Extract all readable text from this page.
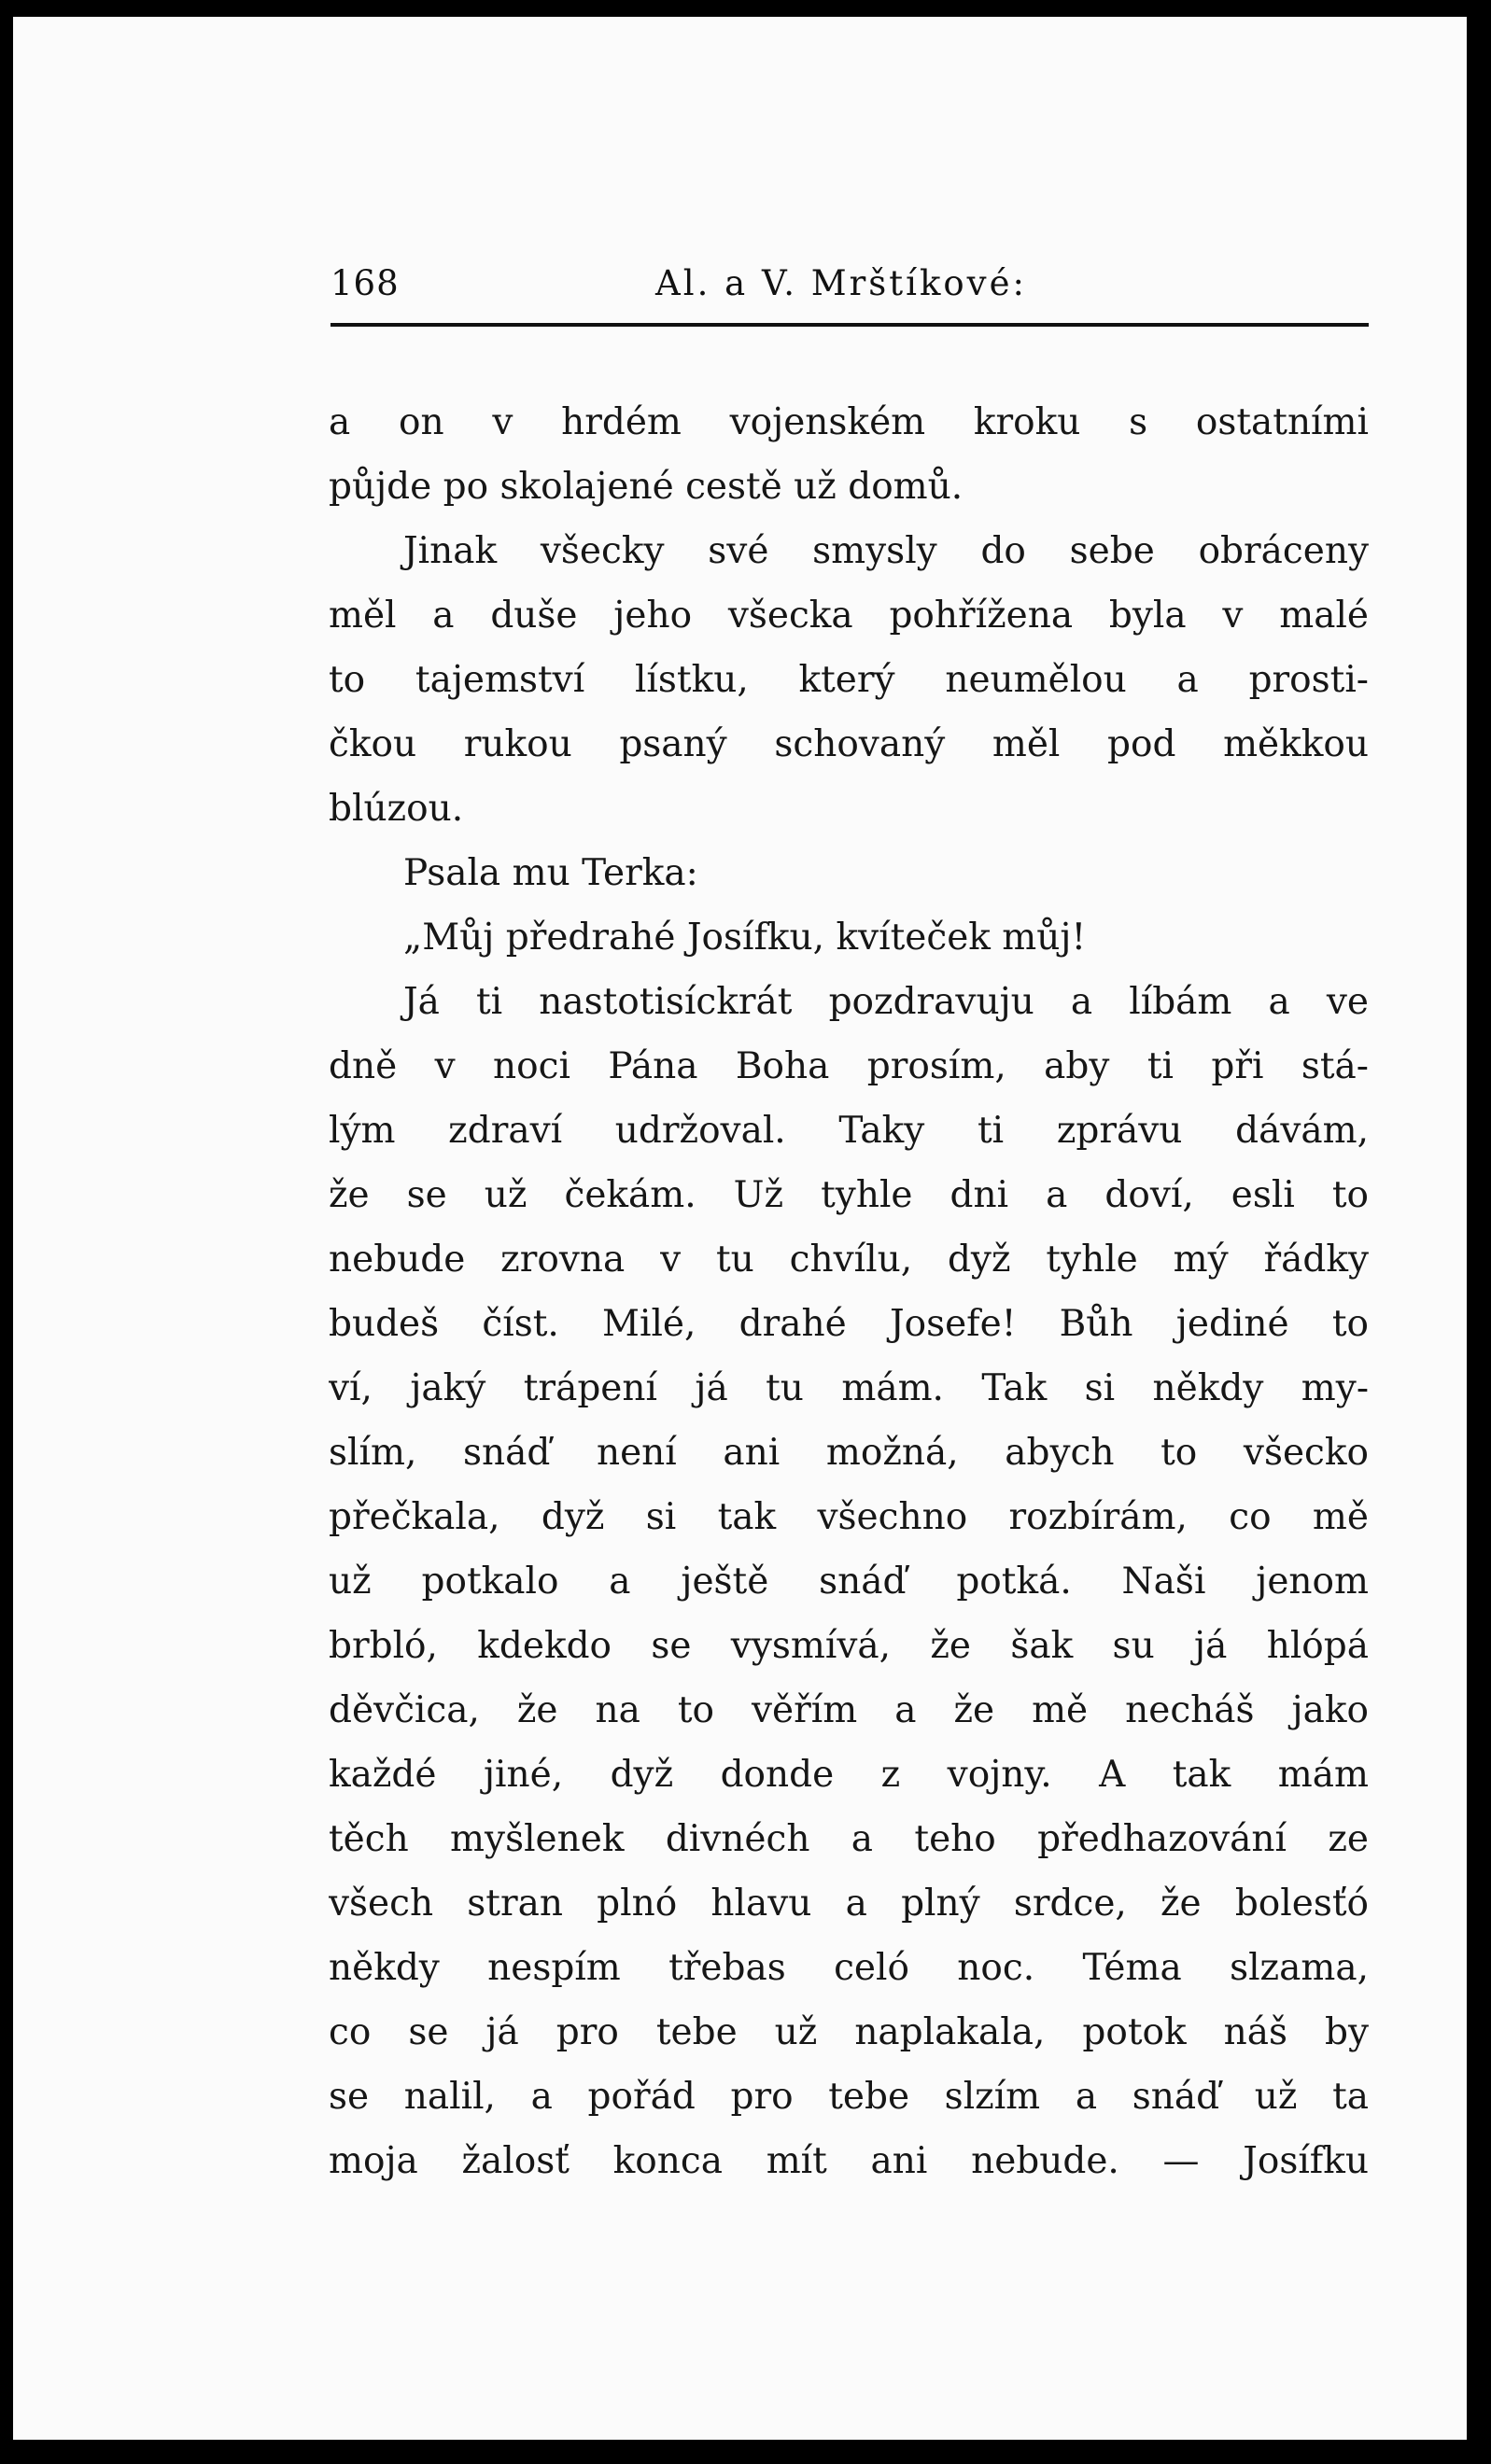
168	Al. a V. Mrštíkové:
a on v hrdém vojenském kroku s ostatními
půjde po skolajené cestě už domů.
Jinak všecky své smysly do sebe obráceny
měl a duše jeho všecka pohřížena byla v malé
to tajemství lístku, který neumělou a prosti-
čkou rukou psaný schovaný měl pod měkkou
blúzou.
Psala mu Terka:
„Můj předrahé Josífku, kvíteček můj!
Já ti nastotisíckrát pozdravuju a líbám a ve
dně v noci Pána Boha prosím, aby ti při stá-
lým zdraví udržoval. Taky ti zprávu dávám,
že se už čekám. Už tyhle dni a doví, esli to
nebude zrovna v tu chvílu, dyž tyhle mý řádky
budeš číst. Milé, drahé Josefe! Bůh jediné to
ví, jaký trápení já tu mám. Tak si někdy my-
slím, snáď není ani možná, abych to všecko
přečkala, dyž si tak všechno rozbírám, co mě
už potkalo a ještě snáď potká. Naši jenom
brbló, kdekdo se vysmívá, že šak su já hlópá
děvčica, že na to věřím a že mě necháš jako
každé jiné, dyž donde z vojny. A tak mám
těch myšlenek divnéch a teho předhazování ze
všech stran plnó hlavu a plný srdce, že bolesťó
někdy nespím třebas celó noc. Téma slzama,
co se já pro tebe už naplakala, potok náš by
se nalil, a pořád pro tebe slzím a snáď už ta
moja žalosť konca mít ani nebude. — Josífku
